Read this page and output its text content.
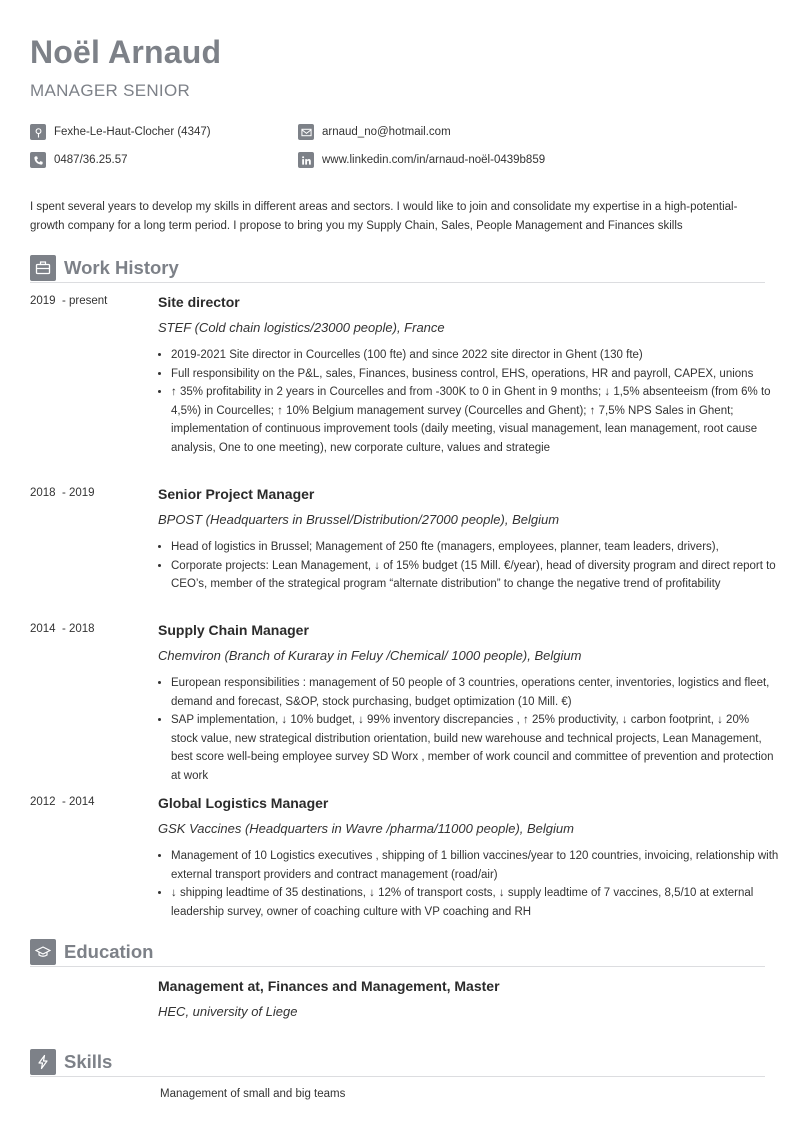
Noël Arnaud
MANAGER SENIOR
Fexhe-Le-Haut-Clocher (4347)	arnaud_no@hotmail.com
0487/36.25.57	www.linkedin.com/in/arnaud-noël-0439b859
I spent several years to develop my skills in different areas and sectors. I would like to join and consolidate my expertise in a high-potential-growth company for a long term period. I propose to bring you my Supply Chain, Sales, People Management and Finances skills
Work History
2019  - present	Site director
STEF (Cold chain logistics/23000 people), France
• 2019-2021 Site director in Courcelles (100 fte) and since 2022 site director in Ghent (130 fte)
• Full responsibility on the P&L, sales, Finances, business control, EHS, operations, HR and payroll, CAPEX, unions
• ↑ 35% profitability in 2 years in Courcelles and from -300K to 0 in Ghent in 9 months; ↓ 1,5% absenteeism (from 6% to 4,5%) in Courcelles; ↑ 10% Belgium management survey (Courcelles and Ghent); ↑ 7,5% NPS Sales in Ghent; implementation of continuous improvement tools (daily meeting, visual management, lean management, root cause analysis, One to one meeting), new corporate culture, values and strategie
2018  - 2019	Senior Project Manager
BPOST (Headquarters in Brussel/Distribution/27000 people), Belgium
• Head of logistics in Brussel; Management of 250 fte (managers, employees, planner, team leaders, drivers),
• Corporate projects: Lean Management, ↓ of 15% budget (15 Mill. €/year), head of diversity program and direct report to CEO’s, member of the strategical program “alternate distribution” to change the negative trend of profitability
2014  - 2018	Supply Chain Manager
Chemviron (Branch of Kuraray in Feluy /Chemical/ 1000 people), Belgium
• European responsibilities : management of 50 people of 3 countries, operations center, inventories, logistics and fleet, demand and forecast, S&OP, stock purchasing, budget optimization (10 Mill. €)
• SAP implementation, ↓ 10% budget, ↓ 99% inventory discrepancies , ↑ 25% productivity, ↓ carbon footprint, ↓ 20% stock value, new strategical distribution orientation, build new warehouse and technical projects, Lean Management, best score well-being employee survey SD Worx , member of work council and committee of prevention and protection at work
2012  - 2014	Global Logistics Manager
GSK Vaccines (Headquarters in Wavre /pharma/11000 people), Belgium
• Management of 10 Logistics executives , shipping of 1 billion vaccines/year to 120 countries, invoicing, relationship with external transport providers and contract management (road/air)
• ↓ shipping leadtime of 35 destinations, ↓ 12% of transport costs, ↓ supply leadtime of 7 vaccines, 8,5/10 at external leadership survey, owner of coaching culture with VP coaching and RH
Education
Management at, Finances and Management, Master
HEC, university of Liege
Skills
Management of small and big teams
